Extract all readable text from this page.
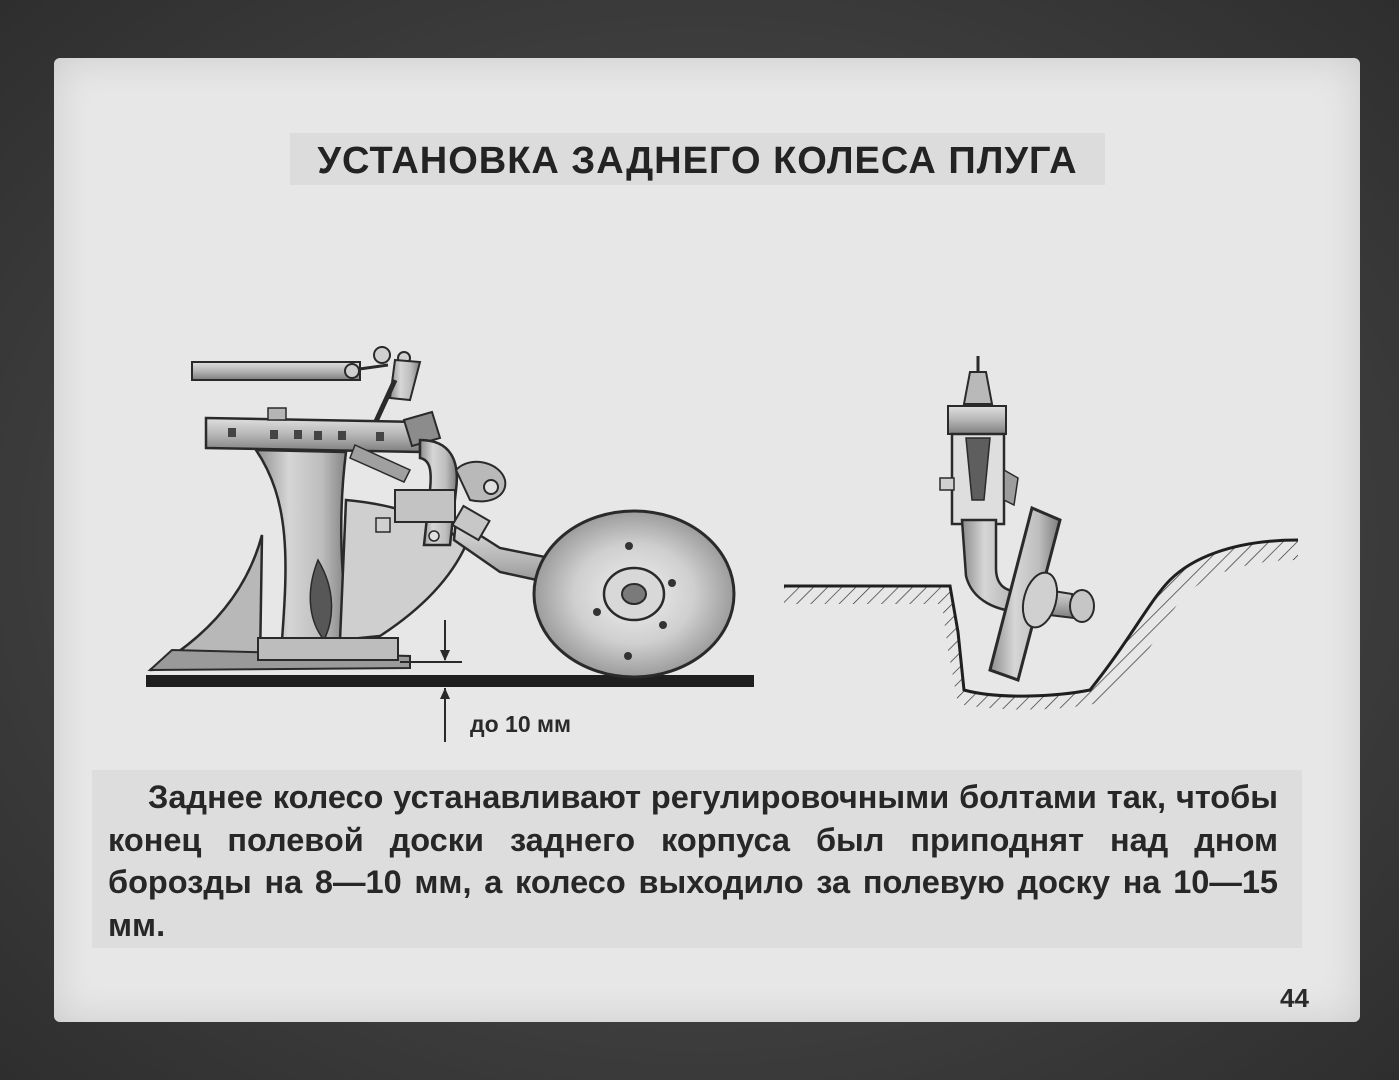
УСТАНОВКА ЗАДНЕГО КОЛЕСА ПЛУГА
до 10 мм

Заднее колесо устанавливают регулировочными болтами так, чтобы конец полевой доски заднего корпуса был приподнят над дном борозды на 8—10 мм, а колесо выходило за полевую доску на 10—15 мм.

44
